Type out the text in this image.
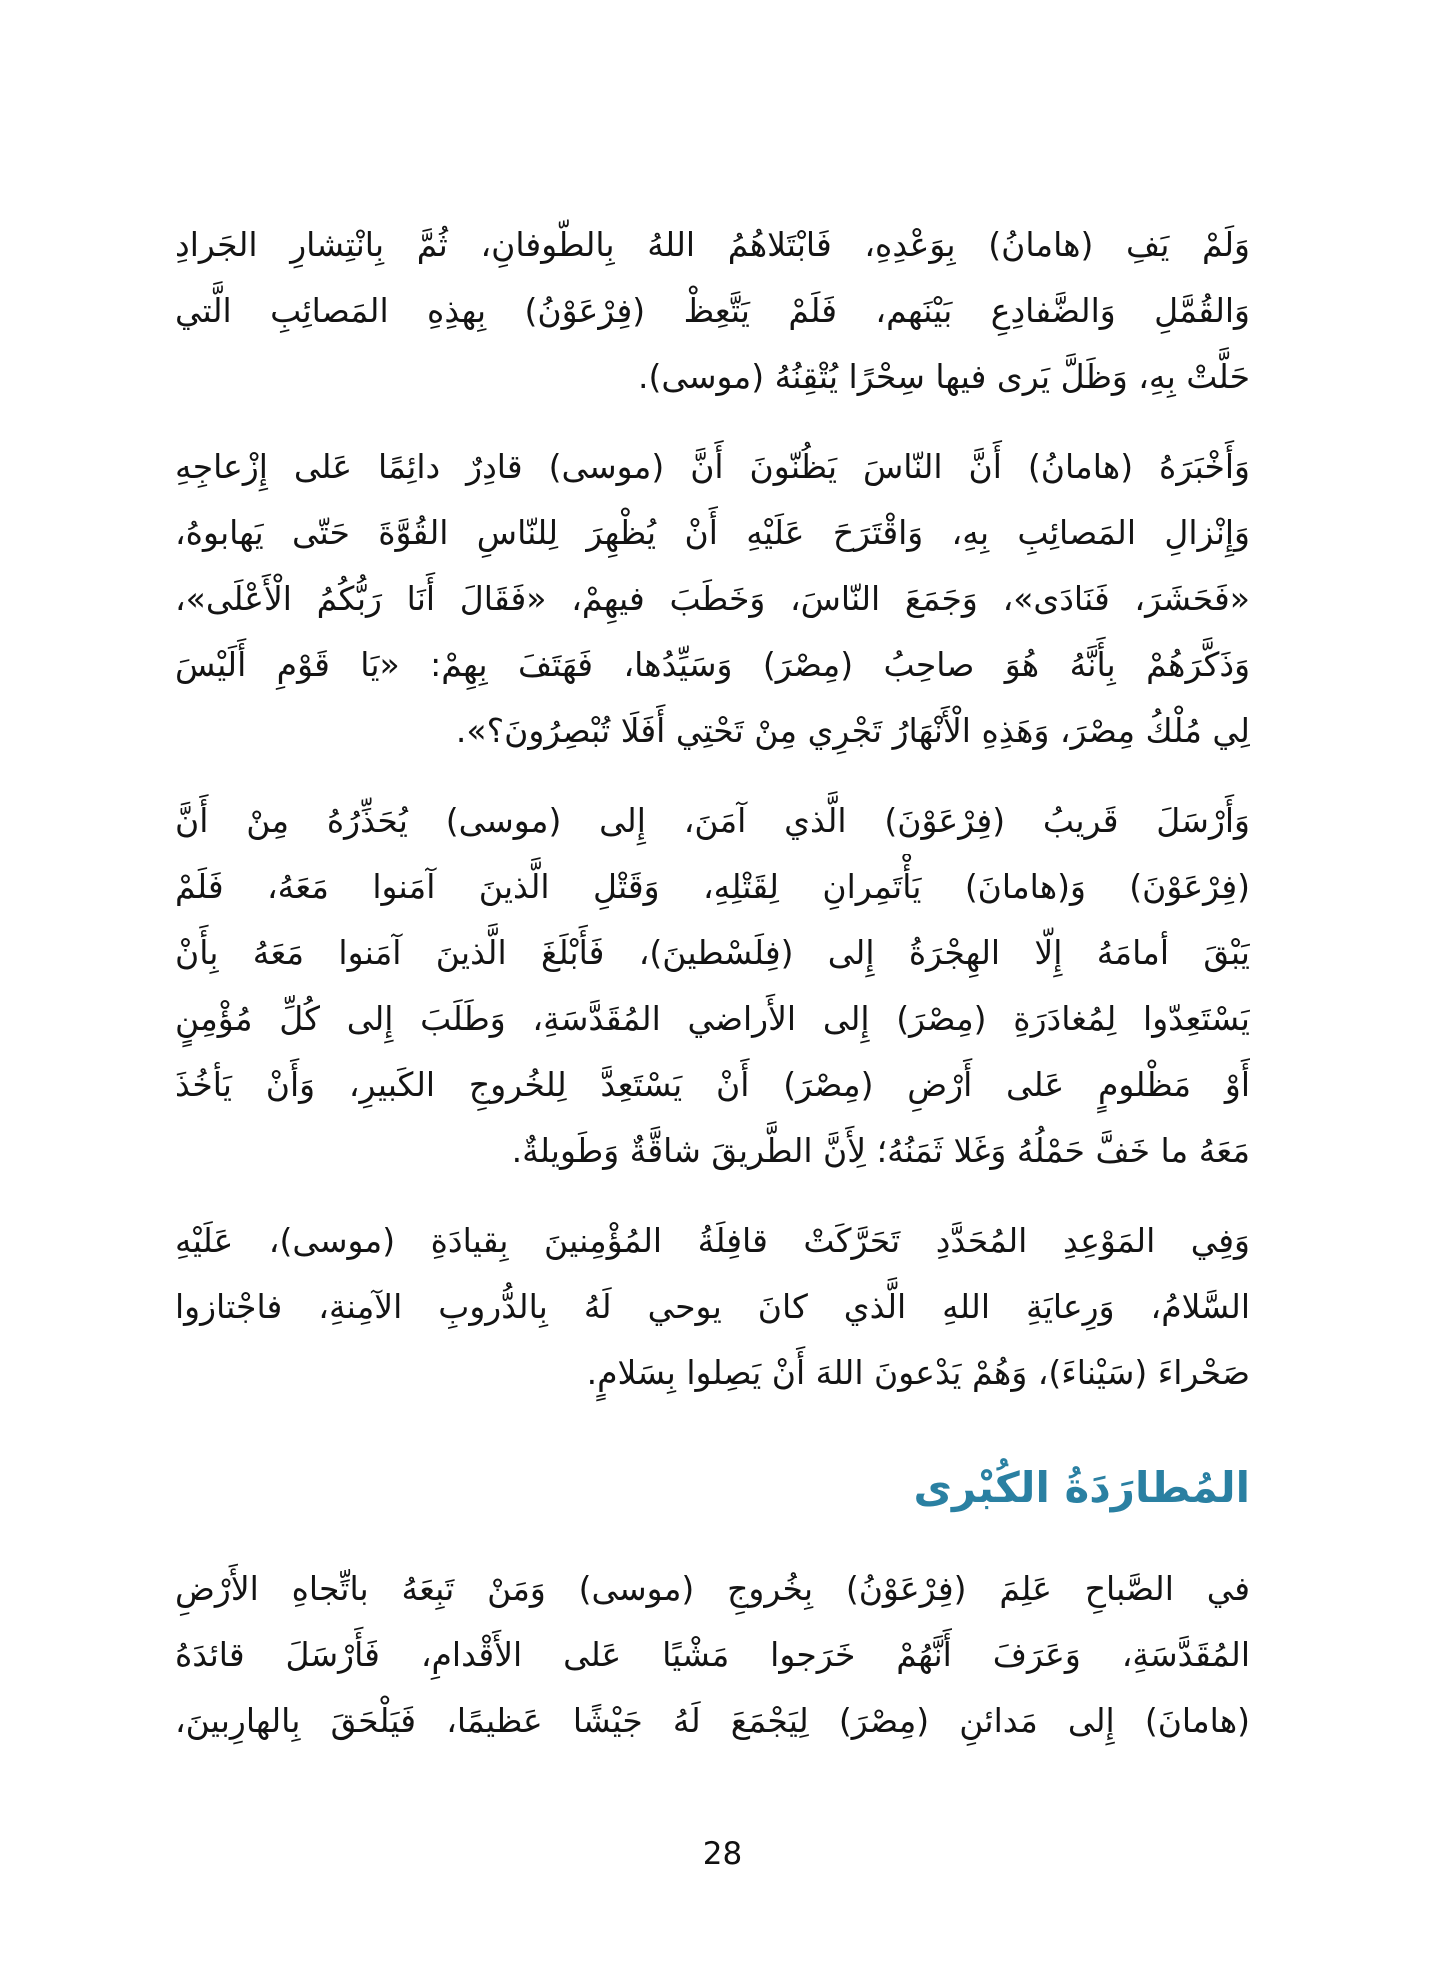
وَلَمْ يَفِ (هامانُ) بِوَعْدِهِ، فَابْتَلاهُمُ اللهُ بِالطّوفانِ، ثُمَّ بِانْتِشارِ الجَرادِ
وَالقُمَّلِ وَالضَّفادِعِ بَيْنَهم، فَلَمْ يَتَّعِظْ (فِرْعَوْنُ) بِهذِهِ المَصائِبِ الَّتي
حَلَّتْ بِهِ، وَظَلَّ يَرى فيها سِحْرًا يُتْقِنُهُ (موسى).

وَأَخْبَرَهُ (هامانُ) أَنَّ النّاسَ يَظُنّونَ أَنَّ (موسى) قادِرٌ دائِمًا عَلى إِزْعاجِهِ
وَإِنْزالِ المَصائِبِ بِهِ، وَاقْتَرَحَ عَلَيْهِ أَنْ يُظْهِرَ لِلنّاسِ القُوَّةَ حَتّى يَهابوهُ،
«فَحَشَرَ، فَنَادَى»، وَجَمَعَ النّاسَ، وَخَطَبَ فيهِمْ، «فَقَالَ أَنَا رَبُّكُمُ الْأَعْلَى»،
وَذَكَّرَهُمْ بِأَنَّهُ هُوَ صاحِبُ (مِصْرَ) وَسَيِّدُها، فَهَتَفَ بِهِمْ: «يَا قَوْمِ أَلَيْسَ
لِي مُلْكُ مِصْرَ، وَهَذِهِ الْأَنْهَارُ تَجْرِي مِنْ تَحْتِي أَفَلَا تُبْصِرُونَ؟».

وَأَرْسَلَ قَريبُ (فِرْعَوْنَ) الَّذي آمَنَ، إِلى (موسى) يُحَذِّرُهُ مِنْ أَنَّ
(فِرْعَوْنَ) وَ(هامانَ) يَأْتَمِرانِ لِقَتْلِهِ، وَقَتْلِ الَّذينَ آمَنوا مَعَهُ، فَلَمْ
يَبْقَ أمامَهُ إِلّا الهِجْرَةُ إِلى (فِلَسْطينَ)، فَأَبْلَغَ الَّذينَ آمَنوا مَعَهُ بِأَنْ
يَسْتَعِدّوا لِمُغادَرَةِ (مِصْرَ) إِلى الأَراضي المُقَدَّسَةِ، وَطَلَبَ إِلى كُلِّ مُؤْمِنٍ
أَوْ مَظْلومٍ عَلى أَرْضِ (مِصْرَ) أَنْ يَسْتَعِدَّ لِلخُروجِ الكَبيرِ، وَأَنْ يَأخُذَ
مَعَهُ ما خَفَّ حَمْلُهُ وَغَلا ثَمَنُهُ؛ لِأَنَّ الطَّريقَ شاقَّةٌ وَطَويلةٌ.

وَفِي المَوْعِدِ المُحَدَّدِ تَحَرَّكَتْ قافِلَةُ المُؤْمِنينَ بِقيادَةِ (موسى)، عَلَيْهِ
السَّلامُ، وَرِعايَةِ اللهِ الَّذي كانَ يوحي لَهُ بِالدُّروبِ الآمِنةِ، فاجْتازوا
صَحْراءَ (سَيْناءَ)، وَهُمْ يَدْعونَ اللهَ أَنْ يَصِلوا بِسَلامٍ.

المُطارَدَةُ الكُبْرى

في الصَّباحِ عَلِمَ (فِرْعَوْنُ) بِخُروجِ (موسى) وَمَنْ تَبِعَهُ باتِّجاهِ الأَرْضِ
المُقَدَّسَةِ، وَعَرَفَ أَنَّهُمْ خَرَجوا مَشْيًا عَلى الأَقْدامِ، فَأَرْسَلَ قائدَهُ
(هامانَ) إِلى مَدائنِ (مِصْرَ) لِيَجْمَعَ لَهُ جَيْشًا عَظيمًا، فَيَلْحَقَ بِالهارِبينَ،

28
